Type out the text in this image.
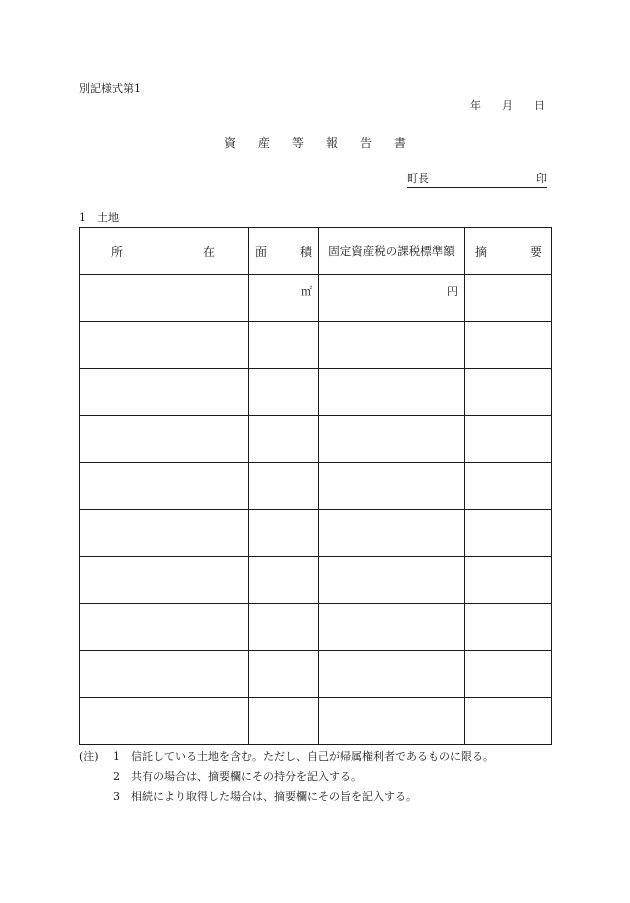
別記様式第1
年	月	日
資 産 等 報 告 書
町長	印
1　土地
所 在	面 積	固定資産税の課税標準額	摘 要

	㎡	円	

(注)	1	信託している土地を含む。ただし、自己が帰属権利者であるものに限る。
2	共有の場合は、摘要欄にその持分を記入する。
3	相続により取得した場合は、摘要欄にその旨を記入する。
